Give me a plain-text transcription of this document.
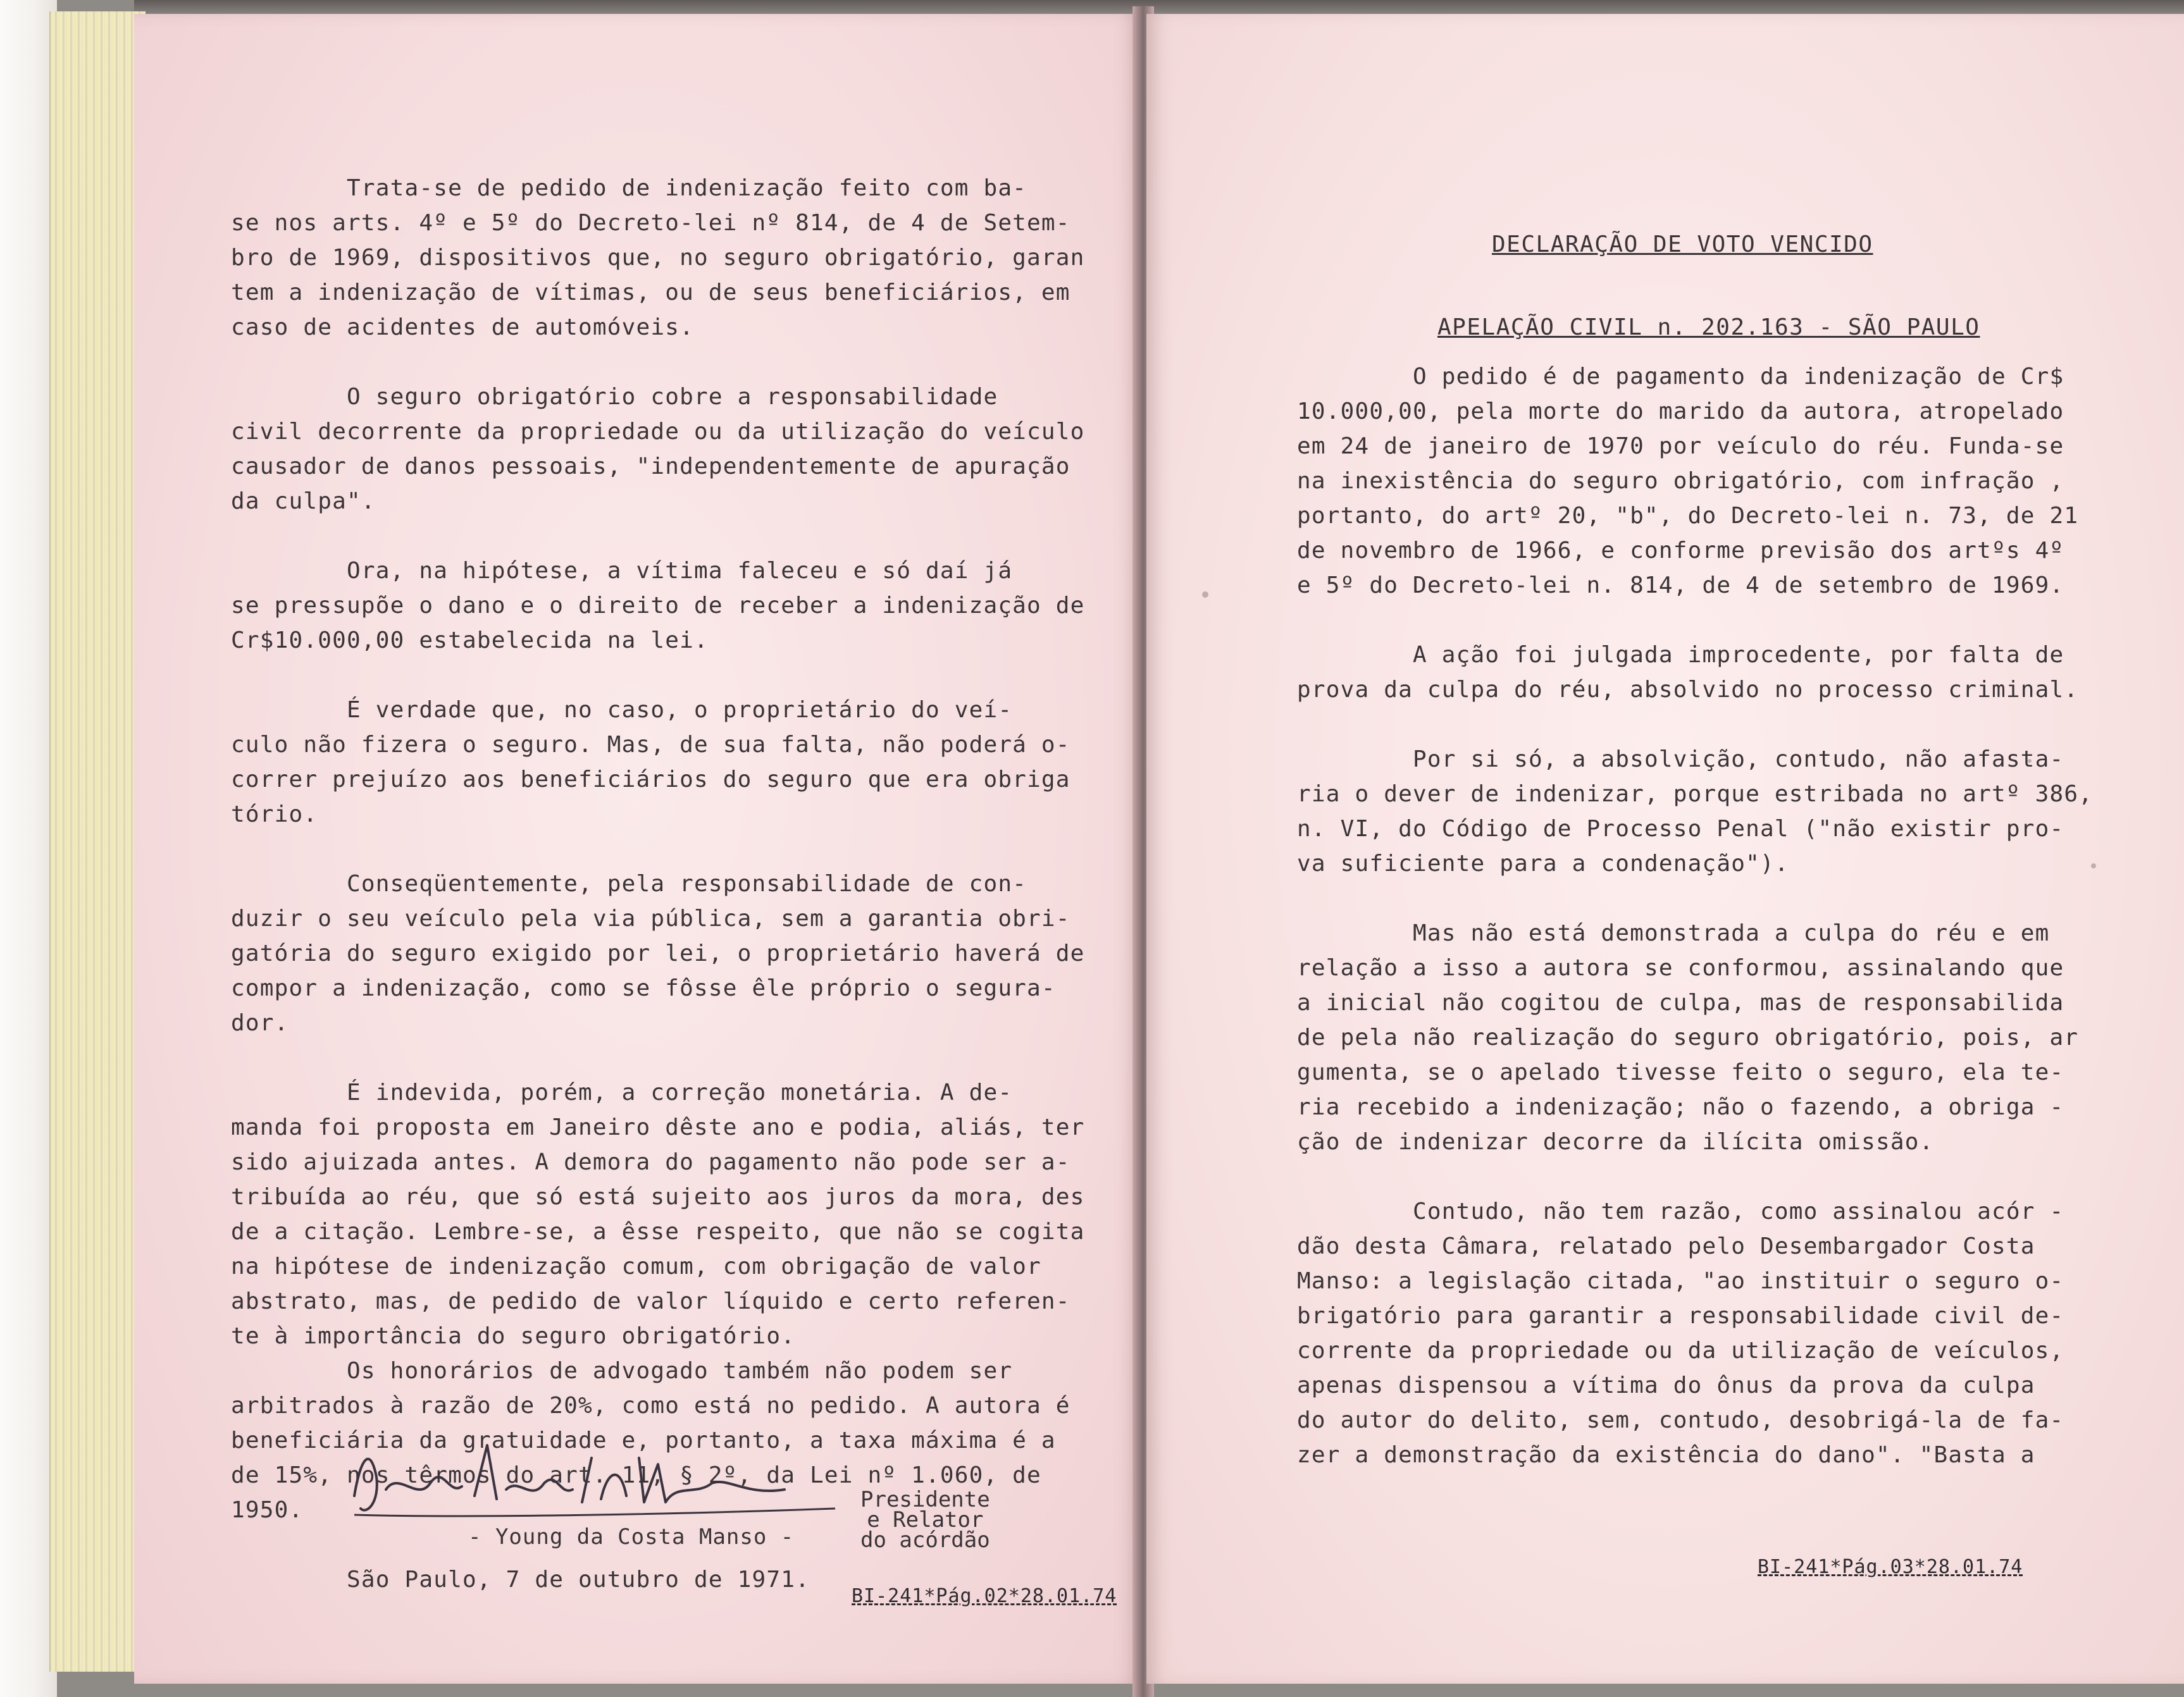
Trata-se de pedido de indenização feito com ba-
se nos arts. 4º e 5º do Decreto-lei nº 814, de 4 de Setem-
bro de 1969, dispositivos que, no seguro obrigatório, garan
tem a indenização de vítimas, ou de seus beneficiários, em
caso de acidentes de automóveis.

O seguro obrigatório cobre a responsabilidade
civil decorrente da propriedade ou da utilização do veículo
causador de danos pessoais, "independentemente de apuração
da culpa".

Ora, na hipótese, a vítima faleceu e só daí já
se pressupõe o dano e o direito de receber a indenização de
Cr$10.000,00 estabelecida na lei.

É verdade que, no caso, o proprietário do veí-
culo não fizera o seguro. Mas, de sua falta, não poderá o-
correr prejuízo aos beneficiários do seguro que era obriga
tório.

Conseqüentemente, pela responsabilidade de con-
duzir o seu veículo pela via pública, sem a garantia obri-
gatória do seguro exigido por lei, o proprietário haverá de
compor a indenização, como se fôsse êle próprio o segura-
dor.

É indevida, porém, a correção monetária. A de-
manda foi proposta em Janeiro dêste ano e podia, aliás, ter
sido ajuizada antes. A demora do pagamento não pode ser a-
tribuída ao réu, que só está sujeito aos juros da mora, des
de a citação. Lembre-se, a êsse respeito, que não se cogita
na hipótese de indenização comum, com obrigação de valor
abstrato, mas, de pedido de valor líquido e certo referen-
te à importância do seguro obrigatório.
Os honorários de advogado também não podem ser
arbitrados à razão de 20%, como está no pedido. A autora é
beneficiária da gratuidade e, portanto, a taxa máxima é a
de 15%, nos têrmos do art. 11, § 2º, da Lei nº 1.060, de
1950.

São Paulo, 7 de outubro de 1971.
- Young da Costa Manso -
Presidente
e Relator
do acórdão
BI-241*Pág.02*28.01.74
DECLARAÇÃO DE VOTO VENCIDO
APELAÇÃO CIVIL n. 202.163 - SÃO PAULO
O pedido é de pagamento da indenização de Cr$
10.000,00, pela morte do marido da autora, atropelado
em 24 de janeiro de 1970 por veículo do réu. Funda-se
na inexistência do seguro obrigatório, com infração ,
portanto, do artº 20, "b", do Decreto-lei n. 73, de 21
de novembro de 1966, e conforme previsão dos artºs 4º
e 5º do Decreto-lei n. 814, de 4 de setembro de 1969.

A ação foi julgada improcedente, por falta de
prova da culpa do réu, absolvido no processo criminal.

Por si só, a absolvição, contudo, não afasta-
ria o dever de indenizar, porque estribada no artº 386,
n. VI, do Código de Processo Penal ("não existir pro-
va suficiente para a condenação").

Mas não está demonstrada a culpa do réu e em
relação a isso a autora se conformou, assinalando que
a inicial não cogitou de culpa, mas de responsabilida
de pela não realização do seguro obrigatório, pois, ar
gumenta, se o apelado tivesse feito o seguro, ela te-
ria recebido a indenização; não o fazendo, a obriga -
ção de indenizar decorre da ilícita omissão.

Contudo, não tem razão, como assinalou acór -
dão desta Câmara, relatado pelo Desembargador Costa
Manso: a legislação citada, "ao instituir o seguro o-
brigatório para garantir a responsabilidade civil de-
corrente da propriedade ou da utilização de veículos,
apenas dispensou a vítima do ônus da prova da culpa
do autor do delito, sem, contudo, desobrigá-la de fa-
zer a demonstração da existência do dano". "Basta a
BI-241*Pág.03*28.01.74
